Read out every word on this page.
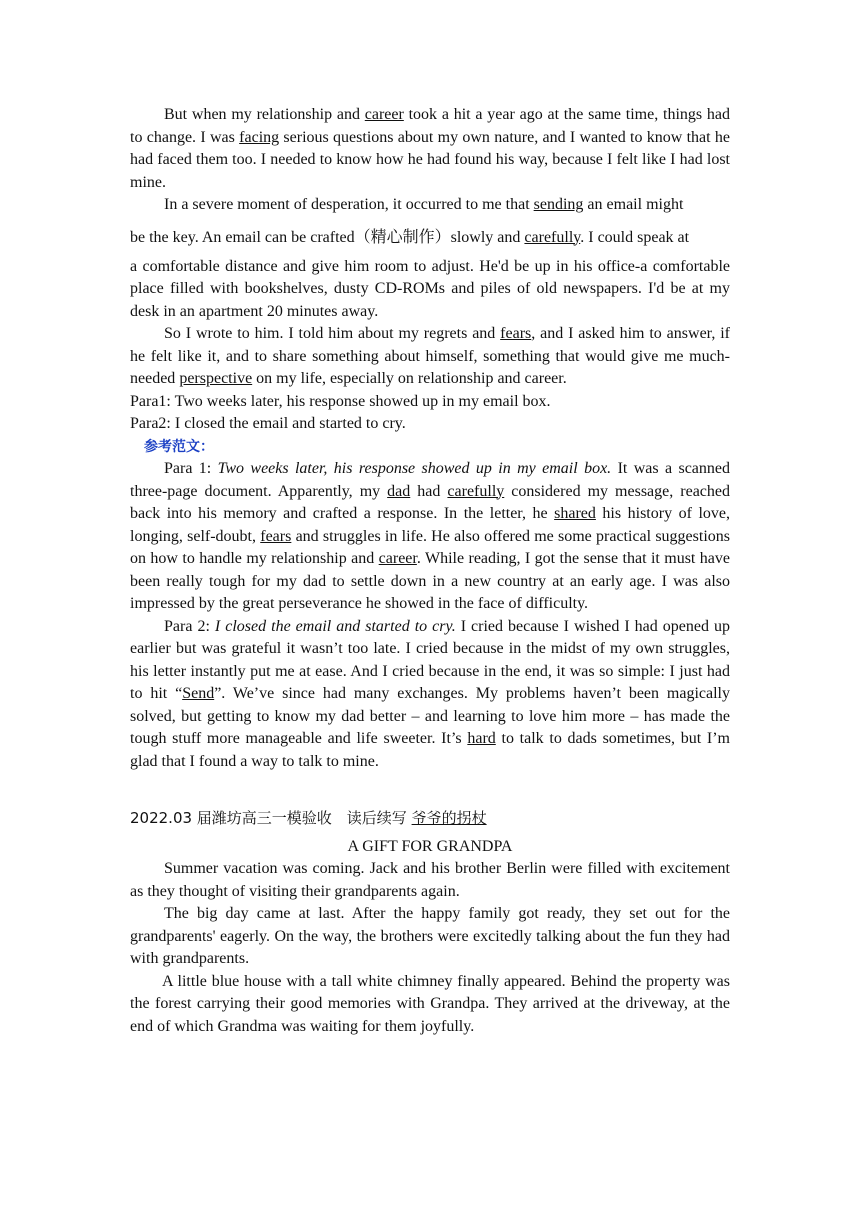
But when my relationship and career took a hit a year ago at the same time, things had to change. I was facing serious questions about my own nature, and I wanted to know that he had faced them too. I needed to know how he had found his way, because I felt like I had lost mine.

In a severe moment of desperation, it occurred to me that sending an email might

be the key. An email can be crafted（精心制作）slowly and carefully. I could speak at

a comfortable distance and give him room to adjust. He'd be up in his office-a comfortable place filled with bookshelves, dusty CD-ROMs and piles of old newspapers. I'd be at my desk in an apartment 20 minutes away.

So I wrote to him. I told him about my regrets and fears, and I asked him to answer, if he felt like it, and to share something about himself, something that would give me much-needed perspective on my life, especially on relationship and career.

Para1: Two weeks later, his response showed up in my email box.

Para2: I closed the email and started to cry.

参考范文：

Para 1: Two weeks later, his response showed up in my email box. It was a scanned three-page document. Apparently, my dad had carefully considered my message, reached back into his memory and crafted a response. In the letter, he shared his history of love, longing, self-doubt, fears and struggles in life. He also offered me some practical suggestions on how to handle my relationship and career. While reading, I got the sense that it must have been really tough for my dad to settle down in a new country at an early age. I was also impressed by the great perseverance he showed in the face of difficulty.

Para 2: I closed the email and started to cry. I cried because I wished I had opened up earlier but was grateful it wasn’t too late. I cried because in the midst of my own struggles, his letter instantly put me at ease. And I cried because in the end, it was so simple: I just had to hit “Send”. We’ve since had many exchanges. My problems haven’t been magically solved, but getting to know my dad better – and learning to love him more – has made the tough stuff more manageable and life sweeter. It’s hard to talk to dads sometimes, but I’m glad that I found a way to talk to mine.

2022.03 届潍坊高三一模验收　读后续写 爷爷的拐杖

A GIFT FOR GRANDPA

Summer vacation was coming. Jack and his brother Berlin were filled with excitement as they thought of visiting their grandparents again.

The big day came at last. After the happy family got ready, they set out for the grandparents' eagerly. On the way, the brothers were excitedly talking about the fun they had with grandparents.

A little blue house with a tall white chimney finally appeared. Behind the property was the forest carrying their good memories with Grandpa. They arrived at the driveway, at the end of which Grandma was waiting for them joyfully.
